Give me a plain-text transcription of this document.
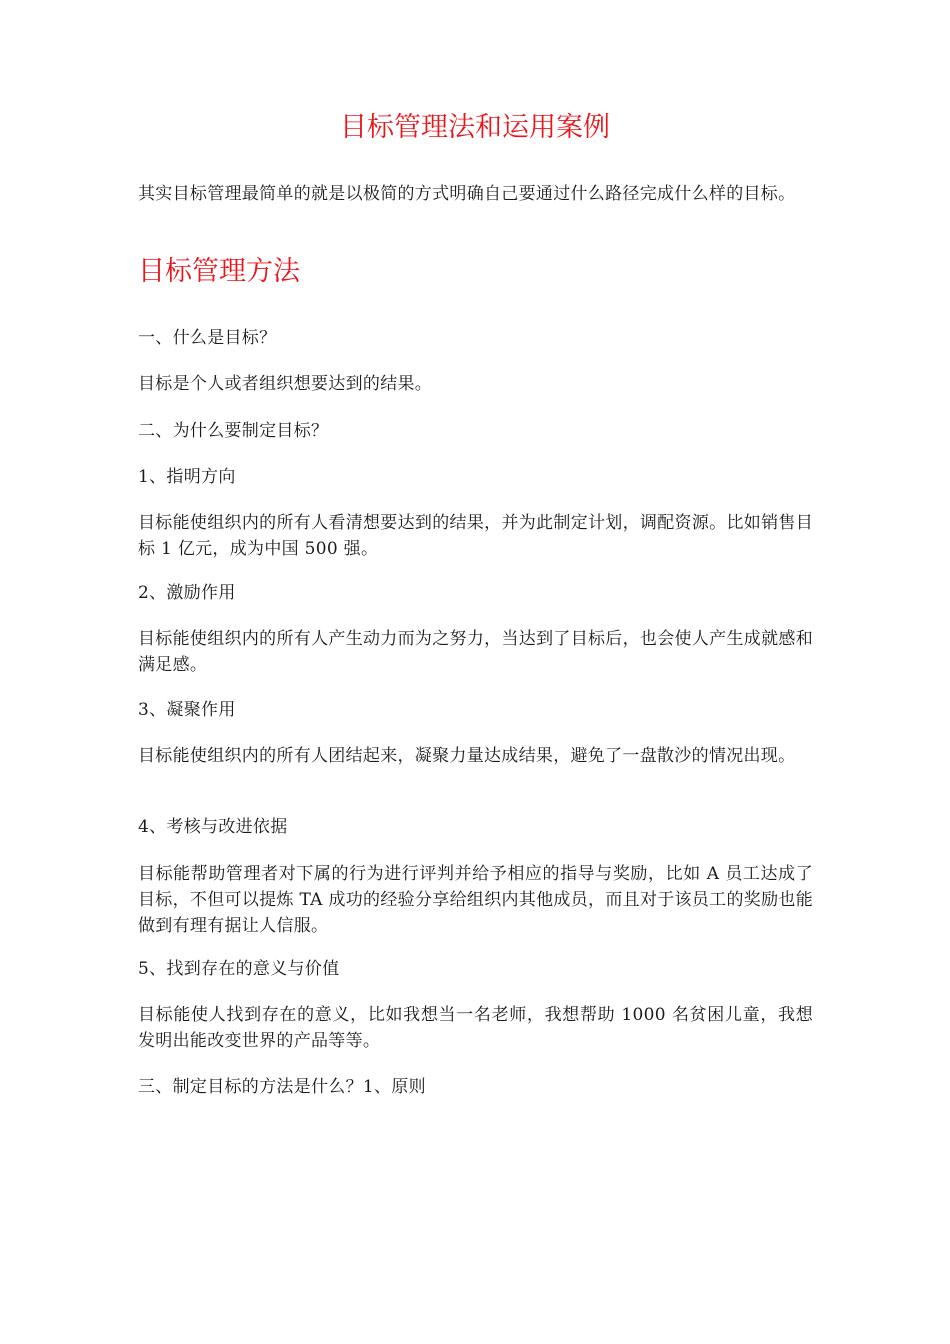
目标管理法和运用案例

其实目标管理最简单的就是以极简的方式明确自己要通过什么路径完成什么样的目标。

目标管理方法

一、什么是目标？

目标是个人或者组织想要达到的结果。

二、为什么要制定目标？

1、指明方向

目标能使组织内的所有人看清想要达到的结果，并为此制定计划，调配资源。比如销售目标 1 亿元，成为中国 500 强。

2、激励作用

目标能使组织内的所有人产生动力而为之努力，当达到了目标后，也会使人产生成就感和满足感。

3、凝聚作用

目标能使组织内的所有人团结起来，凝聚力量达成结果，避免了一盘散沙的情况出现。

4、考核与改进依据

目标能帮助管理者对下属的行为进行评判并给予相应的指导与奖励，比如 A 员工达成了目标，不但可以提炼 TA 成功的经验分享给组织内其他成员，而且对于该员工的奖励也能做到有理有据让人信服。

5、找到存在的意义与价值

目标能使人找到存在的意义，比如我想当一名老师，我想帮助 1000 名贫困儿童，我想发明出能改变世界的产品等等。

三、制定目标的方法是什么？1、原则
